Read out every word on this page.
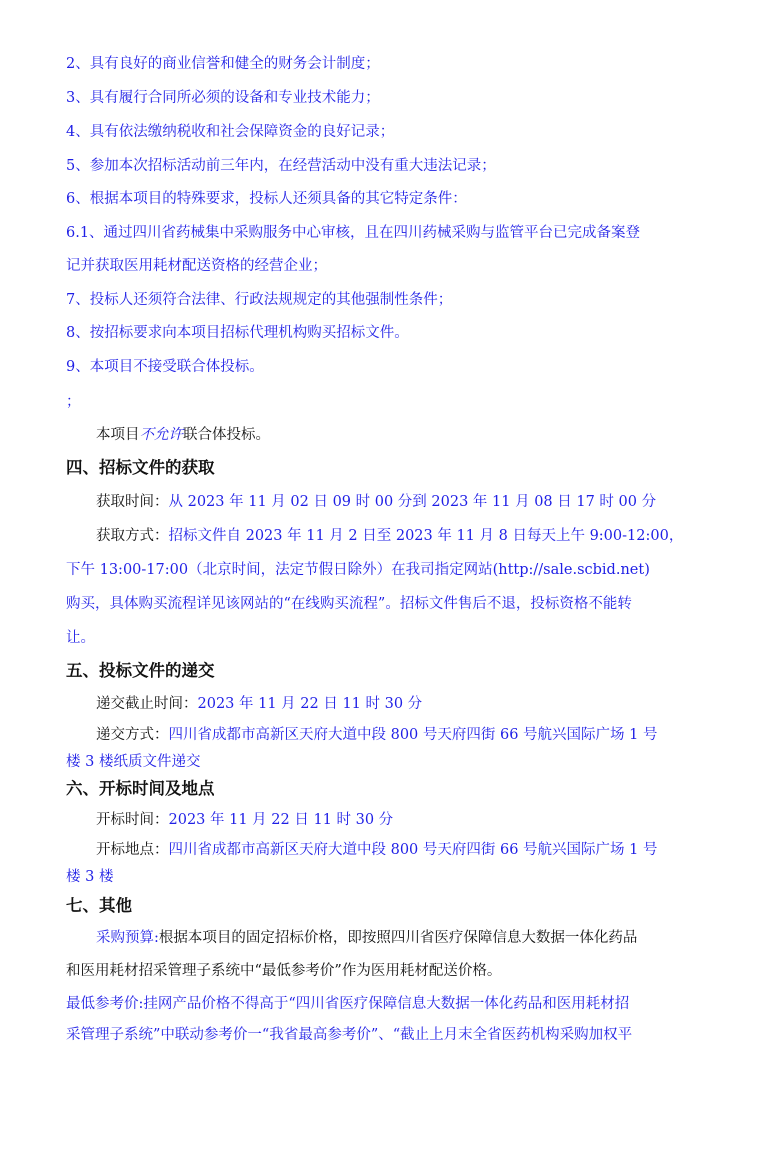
2、具有良好的商业信誉和健全的财务会计制度；
3、具有履行合同所必须的设备和专业技术能力；
4、具有依法缴纳税收和社会保障资金的良好记录；
5、参加本次招标活动前三年内，在经营活动中没有重大违法记录；
6、根据本项目的特殊要求，投标人还须具备的其它特定条件：
6.1、通过四川省药械集中采购服务中心审核，且在四川药械采购与监管平台已完成备案登
记并获取医用耗材配送资格的经营企业；
7、投标人还须符合法律、行政法规规定的其他强制性条件；
8、按招标要求向本项目招标代理机构购买招标文件。
9、本项目不接受联合体投标。
；
本项目不允许联合体投标。
四、招标文件的获取
获取时间：从 2023 年 11 月 02 日 09 时 00 分到 2023 年 11 月 08 日 17 时 00 分
获取方式：招标文件自 2023 年 11 月 2 日至 2023 年 11 月 8 日每天上午 9:00-12:00，
下午 13:00-17:00（北京时间，法定节假日除外）在我司指定网站(http://sale.scbid.net)
购买，具体购买流程详见该网站的“在线购买流程”。招标文件售后不退，投标资格不能转
让。
五、投标文件的递交
递交截止时间：2023 年 11 月 22 日 11 时 30 分
递交方式：四川省成都市高新区天府大道中段 800 号天府四街 66 号航兴国际广场 1 号
楼 3 楼纸质文件递交
六、开标时间及地点
开标时间：2023 年 11 月 22 日 11 时 30 分
开标地点：四川省成都市高新区天府大道中段 800 号天府四街 66 号航兴国际广场 1 号
楼 3 楼
七、其他
采购预算:根据本项目的固定招标价格，即按照四川省医疗保障信息大数据一体化药品
和医用耗材招采管理子系统中“最低参考价”作为医用耗材配送价格。
最低参考价:挂网产品价格不得高于“四川省医疗保障信息大数据一体化药品和医用耗材招
采管理子系统”中联动参考价一“我省最高参考价”、“截止上月末全省医药机构采购加权平
